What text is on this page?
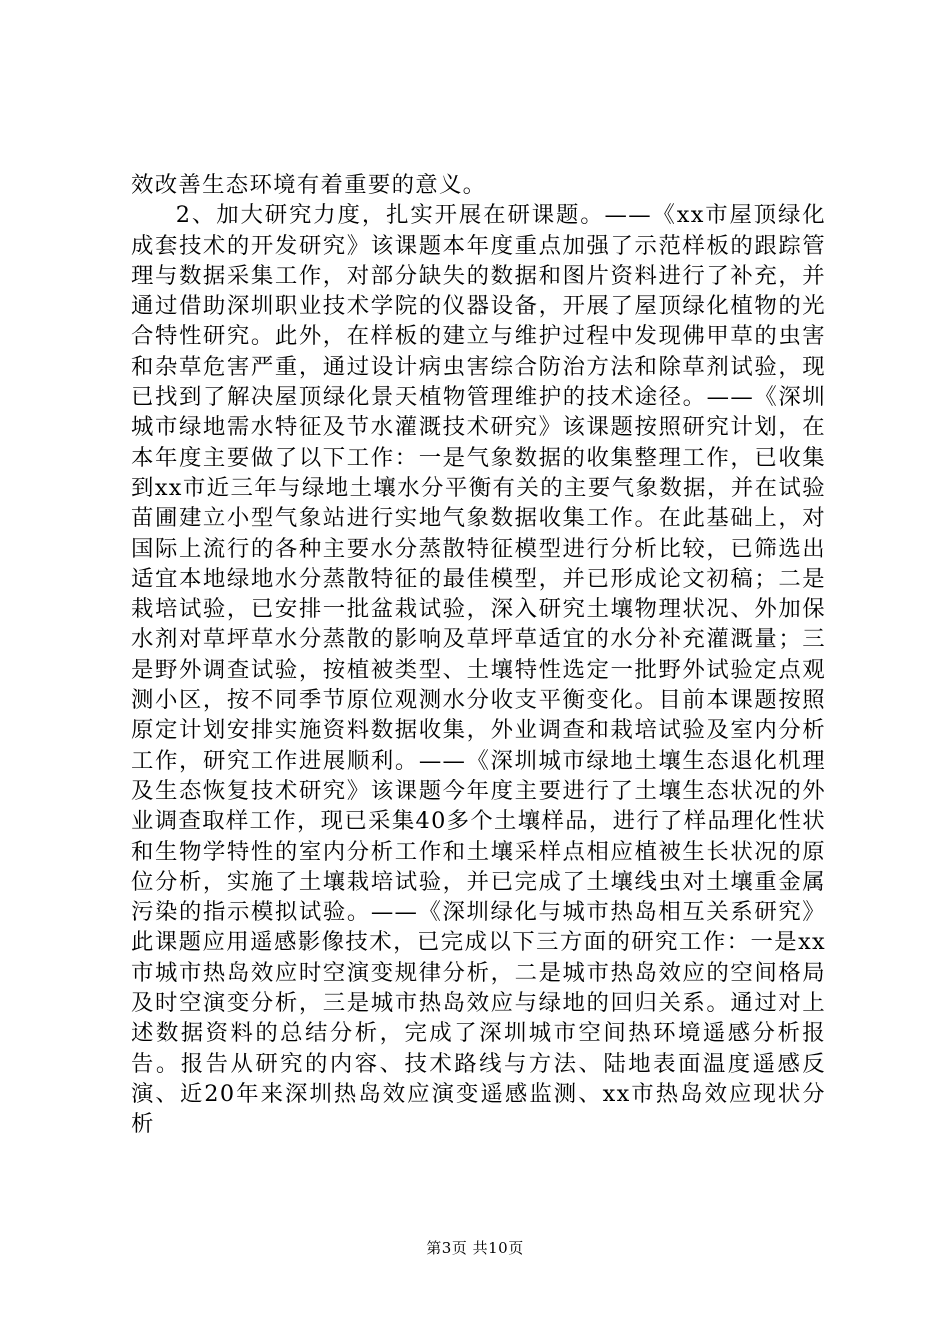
效改善生态环境有着重要的意义。

2、加大研究力度，扎实开展在研课题。——《xx市屋顶绿化成套技术的开发研究》该课题本年度重点加强了示范样板的跟踪管理与数据采集工作，对部分缺失的数据和图片资料进行了补充，并通过借助深圳职业技术学院的仪器设备，开展了屋顶绿化植物的光合特性研究。此外，在样板的建立与维护过程中发现佛甲草的虫害和杂草危害严重，通过设计病虫害综合防治方法和除草剂试验，现已找到了解决屋顶绿化景天植物管理维护的技术途径。——《深圳城市绿地需水特征及节水灌溉技术研究》该课题按照研究计划，在本年度主要做了以下工作：一是气象数据的收集整理工作，已收集到xx市近三年与绿地土壤水分平衡有关的主要气象数据，并在试验苗圃建立小型气象站进行实地气象数据收集工作。在此基础上，对国际上流行的各种主要水分蒸散特征模型进行分析比较，已筛选出适宜本地绿地水分蒸散特征的最佳模型，并已形成论文初稿；二是栽培试验，已安排一批盆栽试验，深入研究土壤物理状况、外加保水剂对草坪草水分蒸散的影响及草坪草适宜的水分补充灌溉量；三是野外调查试验，按植被类型、土壤特性选定一批野外试验定点观测小区，按不同季节原位观测水分收支平衡变化。目前本课题按照原定计划安排实施资料数据收集，外业调查和栽培试验及室内分析工作，研究工作进展顺利。——《深圳城市绿地土壤生态退化机理及生态恢复技术研究》该课题今年度主要进行了土壤生态状况的外业调查取样工作，现已采集40多个土壤样品，进行了样品理化性状和生物学特性的室内分析工作和土壤采样点相应植被生长状况的原位分析，实施了土壤栽培试验，并已完成了土壤线虫对土壤重金属污染的指示模拟试验。——《深圳绿化与城市热岛相互关系研究》此课题应用遥感影像技术，已完成以下三方面的研究工作：一是xx市城市热岛效应时空演变规律分析，二是城市热岛效应的空间格局及时空演变分析，三是城市热岛效应与绿地的回归关系。通过对上述数据资料的总结分析，完成了深圳城市空间热环境遥感分析报告。报告从研究的内容、技术路线与方法、陆地表面温度遥感反演、近20年来深圳热岛效应演变遥感监测、xx市热岛效应现状分析

第3页 共10页
